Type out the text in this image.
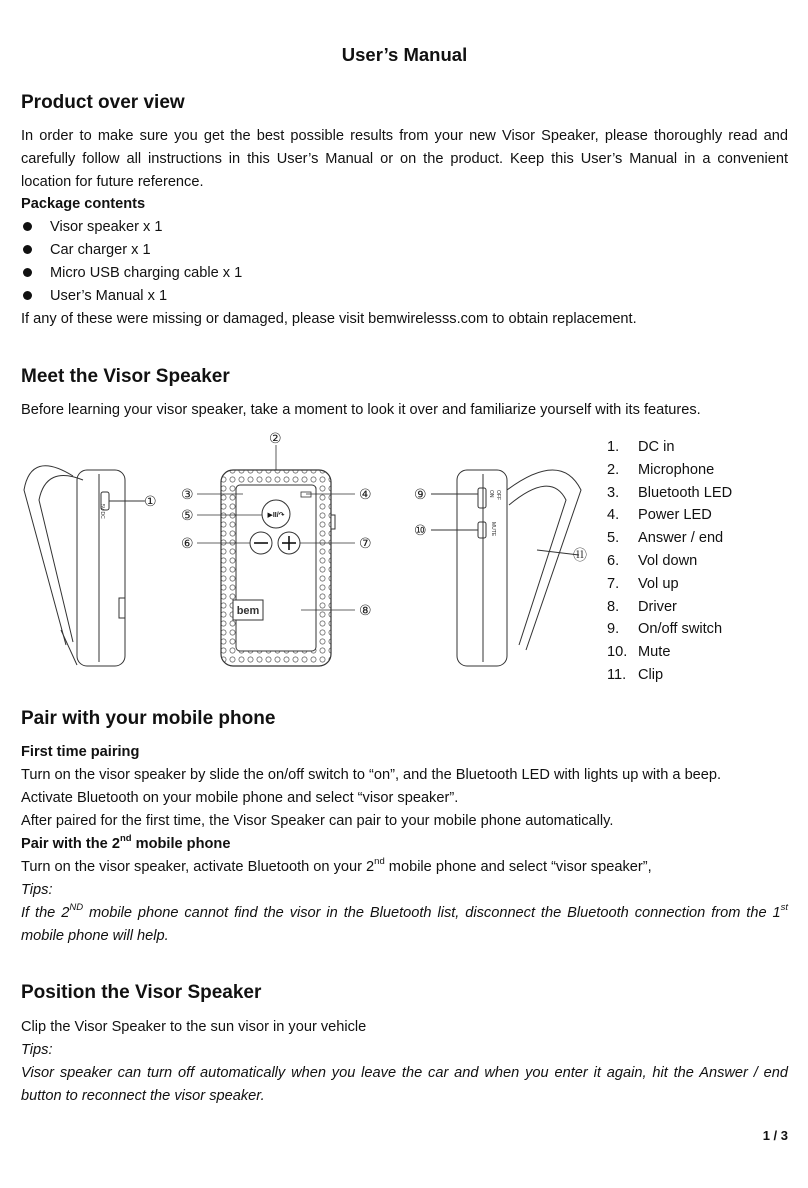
User’s Manual
Product over view
In order to make sure you get the best possible results from your new Visor Speaker, please thoroughly read and carefully follow all instructions in this User’s Manual or on the product. Keep this User’s Manual in a convenient location for future reference.
Package contents
Visor speaker x 1
Car charger x 1
Micro USB charging cable x 1
User’s Manual x 1
If any of these were missing or damaged, please visit bemwirelesss.com to obtain replacement.
Meet the Visor Speaker
Before learning your visor speaker, take a moment to look it over and familiarize yourself with its features.
5V DC	▶II/↷
bem
ON OFF
MUTE
①
②
③	④
⑤
⑥	⑦
⑧
⑨
⑩
⑪
1. DC in
2. Microphone
3. Bluetooth LED
4. Power LED
5. Answer / end
6. Vol down
7. Vol up
8. Driver
9. On/off switch
10. Mute
11. Clip
Pair with your mobile phone
First time pairing
Turn on the visor speaker by slide the on/off switch to “on”, and the Bluetooth LED with lights up with a beep.
Activate Bluetooth on your mobile phone and select “visor speaker”.
After paired for the first time, the Visor Speaker can pair to your mobile phone automatically.
Pair with the 2nd mobile phone
Turn on the visor speaker, activate Bluetooth on your 2nd mobile phone and select “visor speaker”,
Tips:
If the 2ND mobile phone cannot find the visor in the Bluetooth list, disconnect the Bluetooth connection from the 1st mobile phone will help.
Position the Visor Speaker
Clip the Visor Speaker to the sun visor in your vehicle
Tips:
Visor speaker can turn off automatically when you leave the car and when you enter it again, hit the Answer / end button to reconnect the visor speaker.
1 / 3
